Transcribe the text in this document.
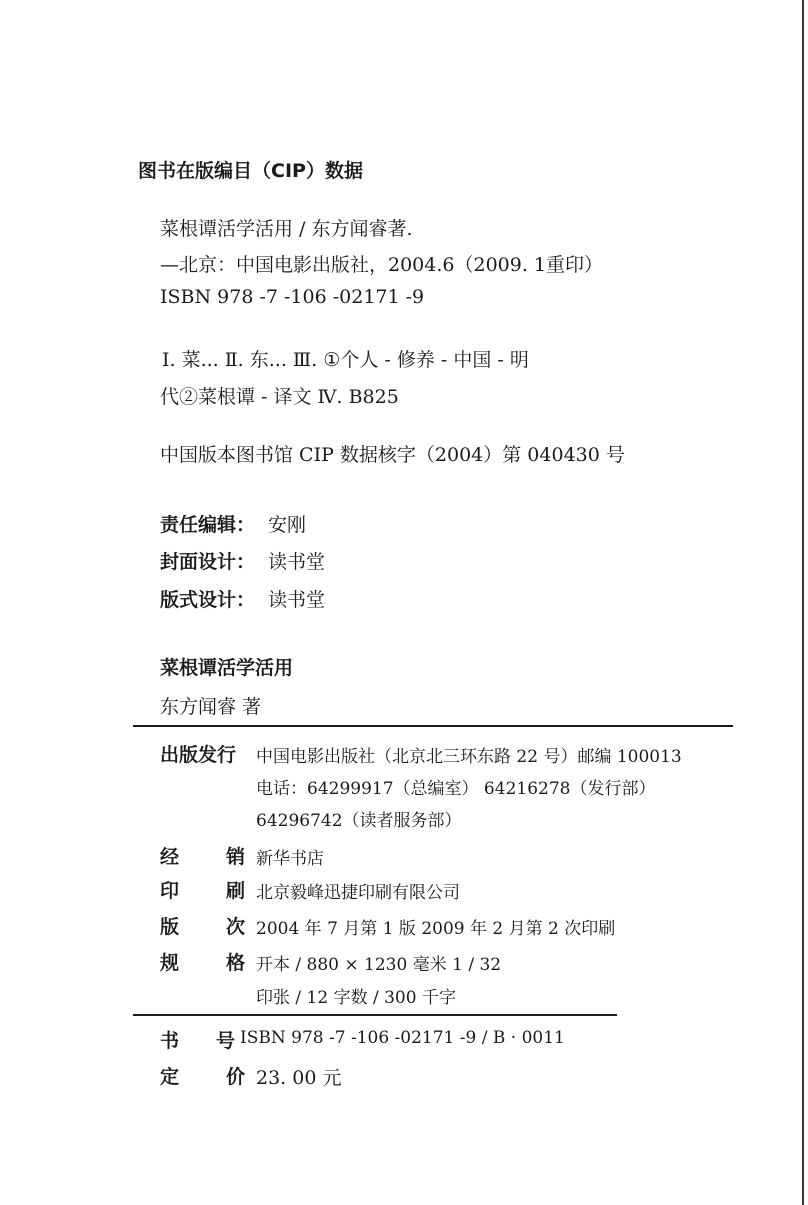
图书在版编目（CIP）数据
菜根谭活学活用 / 东方闻睿著.
—北京：中国电影出版社，2004.6（2009. 1重印）
ISBN 978 -7 -106 -02171 -9
Ⅰ. 菜... Ⅱ. 东... Ⅲ. ①个人 - 修养 - 中国 - 明
代②菜根谭 - 译文 Ⅳ. B825
中国版本图书馆 CIP 数据核字（2004）第 040430 号
责任编辑： 安刚
封面设计： 读书堂
版式设计： 读书堂
菜根谭活学活用
东方闻睿 著
出版发行 中国电影出版社（北京北三环东路 22 号）邮编 100013
电话：64299917（总编室） 64216278（发行部）
64296742（读者服务部）
经 销 新华书店
印 刷 北京毅峰迅捷印刷有限公司
版 次 2004 年 7 月第 1 版 2009 年 2 月第 2 次印刷
规 格 开本 / 880 × 1230 毫米 1 / 32
印张 / 12 字数 / 300 千字
书 号 ISBN 978 -7 -106 -02171 -9 / B · 0011
定 价 23. 00 元
